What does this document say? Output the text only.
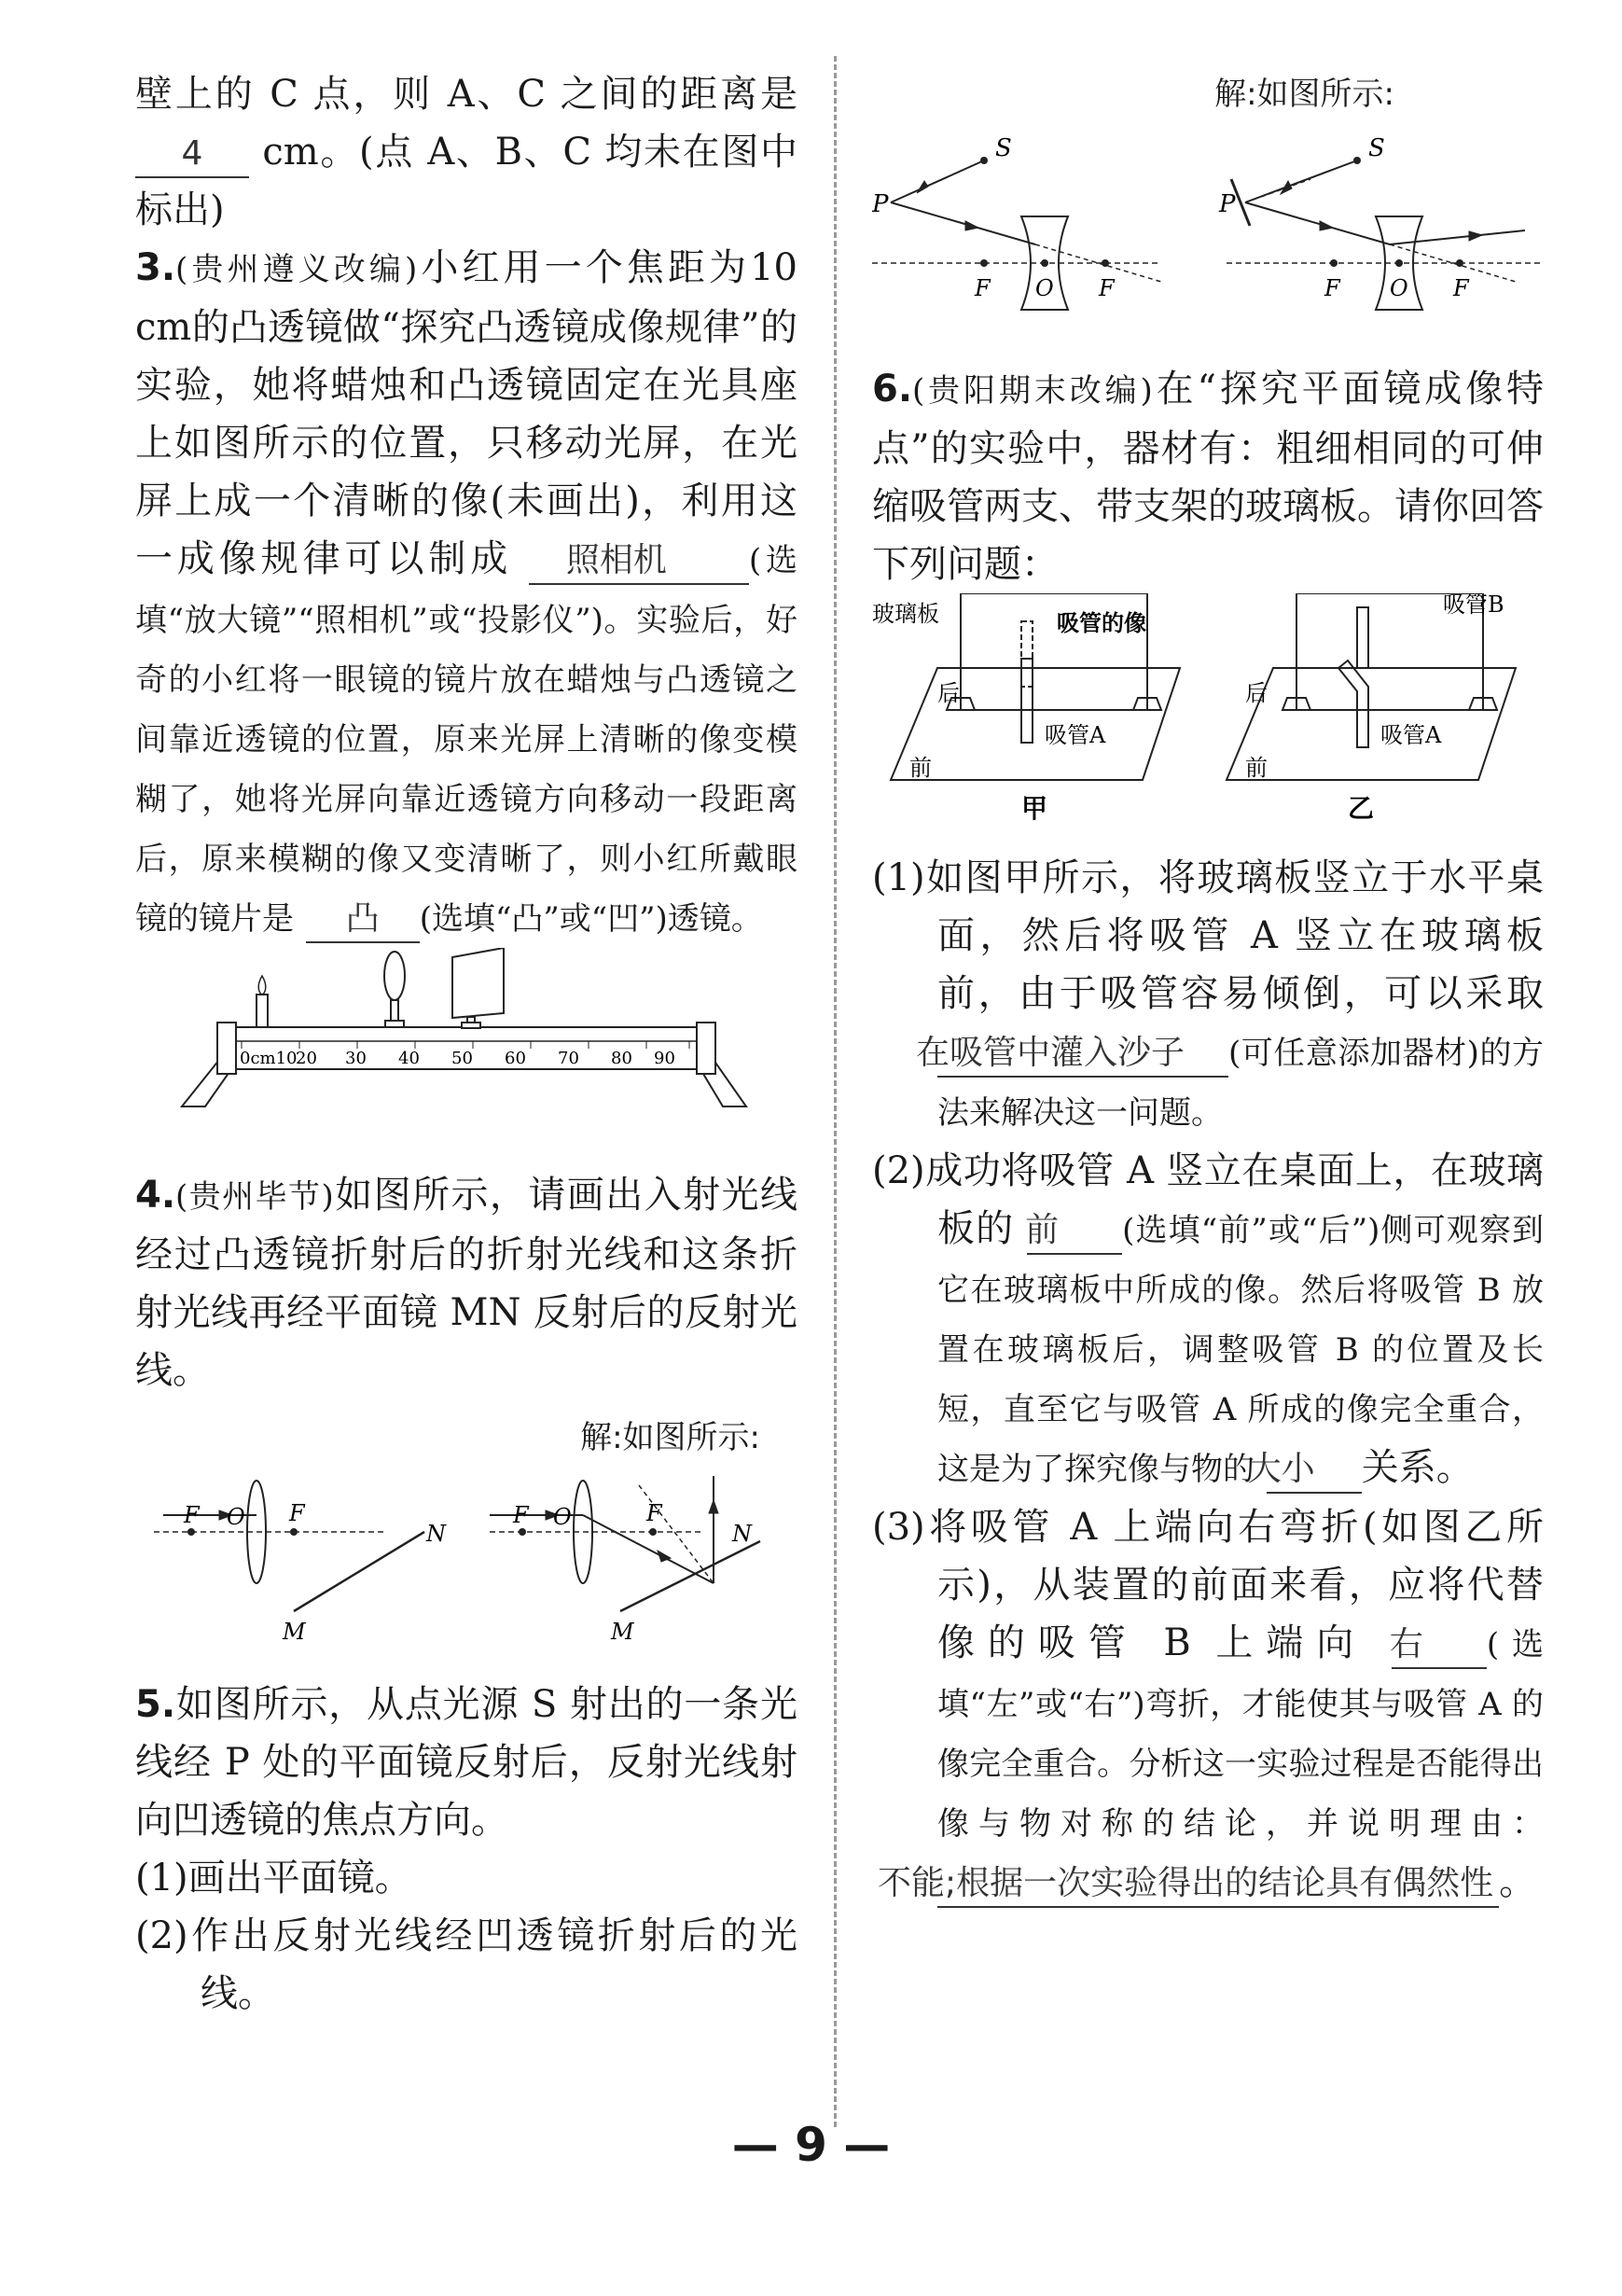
壁上的 C 点，则 A、C 之间的距离是 4 cm。(点 A、B、C 均未在图中标出)

3.(贵州遵义改编)小红用一个焦距为10 cm的凸透镜做“探究凸透镜成像规律”的实验，她将蜡烛和凸透镜固定在光具座上如图所示的位置，只移动光屏，在光屏上成一个清晰的像(未画出)，利用这一成像规律可以制成 照相机	(选填“放大镜”“照相机”或“投影仪”)。实验后，好奇的小红将一眼镜的镜片放在蜡烛与凸透镜之间靠近透镜的位置，原来光屏上清晰的像变模糊了，她将光屏向靠近透镜方向移动一段距离后，原来模糊的像又变清晰了，则小红所戴眼镜的镜片是 凸 (选填“凸”或“凹”)透镜。

0cm10
20 30 40 50 60 70 80 90

4.(贵州毕节)如图所示，请画出入射光线经过凸透镜折射后的折射光线和这条折射光线再经平面镜 MN 反射后的反射光线。

解:如图所示:

F O F
N
M
F O	F
N
M

5.如图所示，从点光源 S 射出的一条光线经 P 处的平面镜反射后，反射光线射向凹透镜的焦点方向。

(1)画出平面镜。

(2)作出反射光线经凹透镜折射后的光线。

解:如图所示:

S
P
F O F
S
P
F O F

6.(贵阳期末改编)在“探究平面镜成像特点”的实验中，器材有：粗细相同的可伸缩吸管两支、带支架的玻璃板。请你回答下列问题：

玻璃板	吸管的像
吸管A
后
前
甲
吸管B
吸管A
后
前
乙

(1)如图甲所示，将玻璃板竖立于水平桌面，然后将吸管 A 竖立在玻璃板前，由于吸管容易倾倒，可以采取 在吸管中灌入沙子 (可任意添加器材)的方法来解决这一问题。

(2)成功将吸管 A 竖立在桌面上，在玻璃板的 前 (选填“前”或“后”)侧可观察到它在玻璃板中所成的像。然后将吸管 B 放置在玻璃板后，调整吸管 B 的位置及长短，直至它与吸管 A 所成的像完全重合，这是为了探究像与物的 大小 关系。

(3)将吸管 A 上端向右弯折(如图乙所示)，从装置的前面来看，应将代替像的吸管 B 上端向 右 (选填“左”或“右”)弯折，才能使其与吸管 A 的像完全重合。分析这一实验过程是否能得出像与物对称的结论，并说明理由： 不能;根据一次实验得出的结论具有偶然性 。

— 9 —
